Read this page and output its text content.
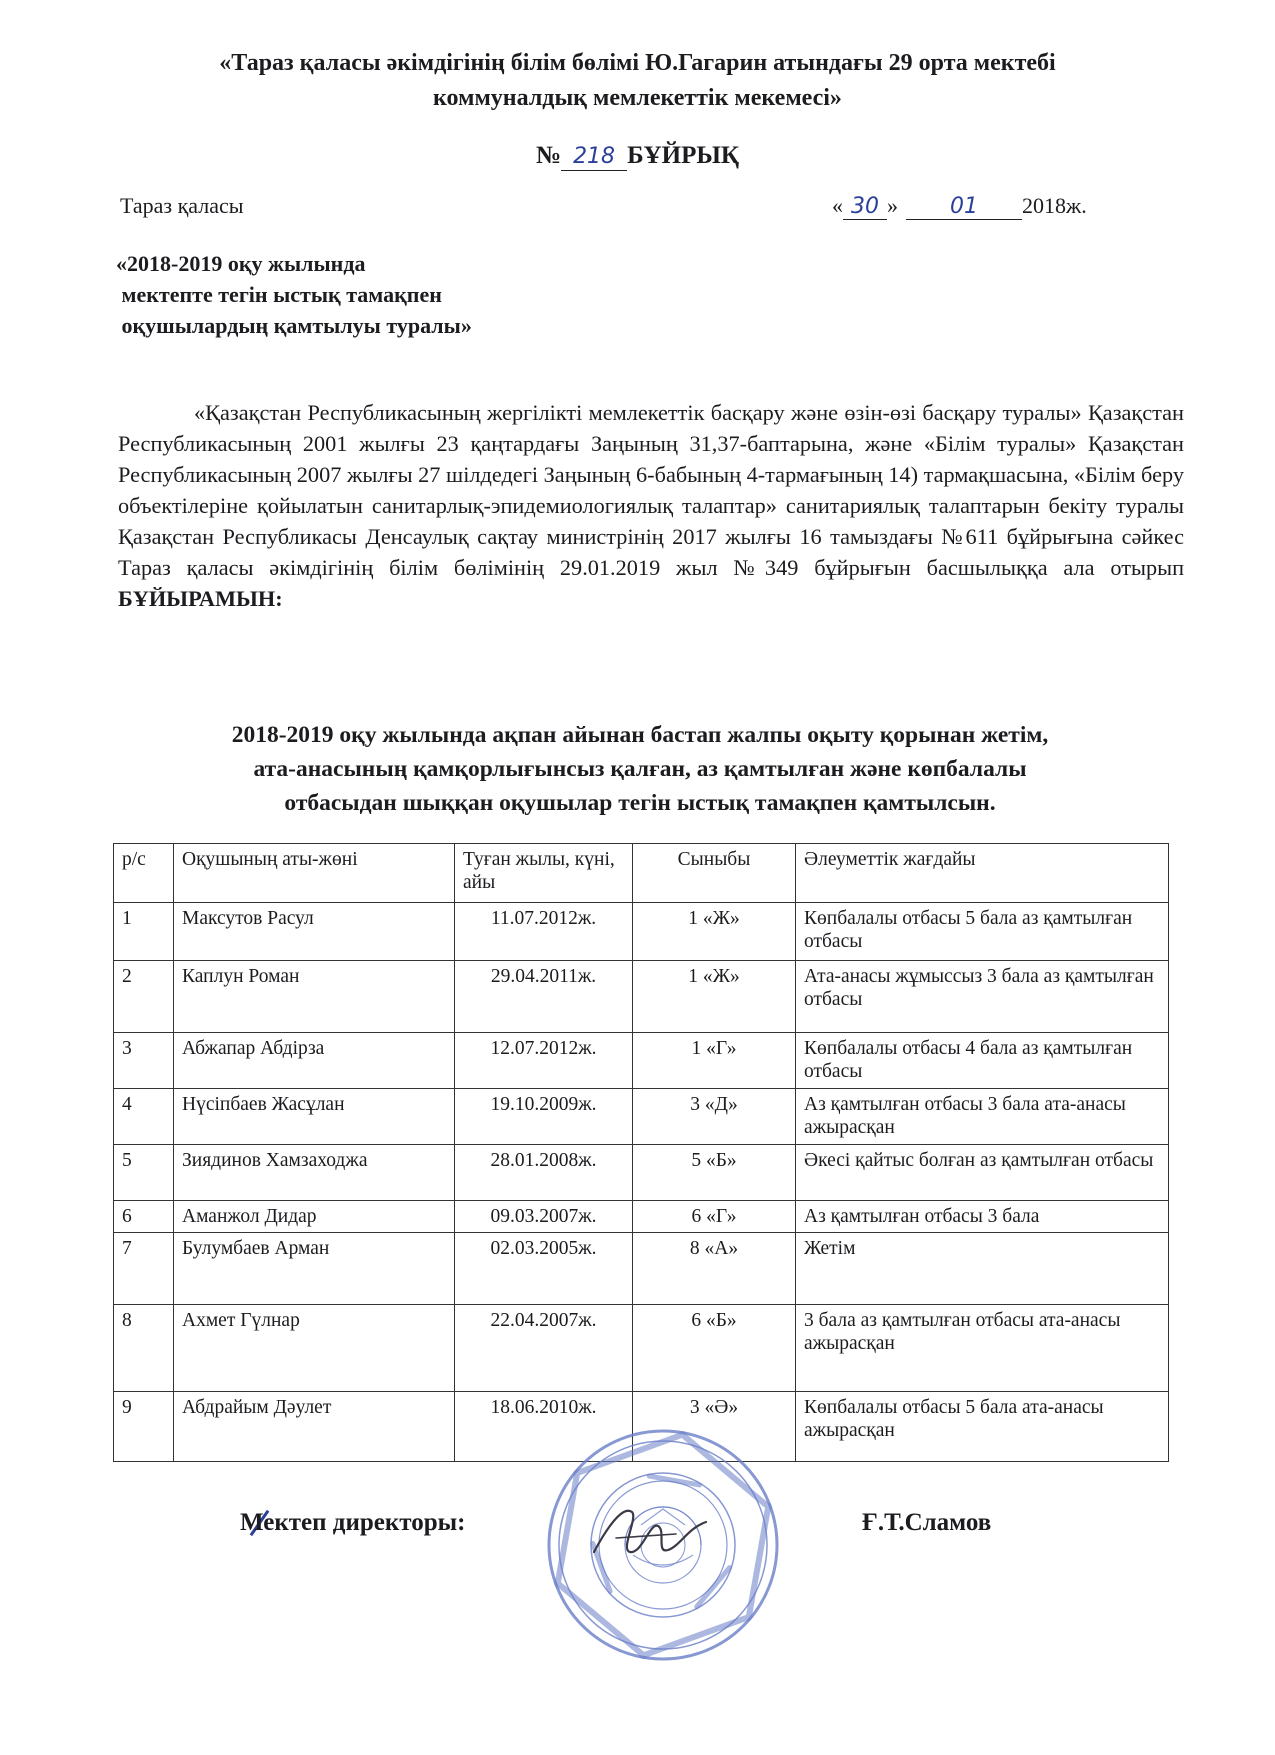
«Тараз қаласы әкімдігінің білім бөлімі Ю.Гагарин атындағы 29 орта мектебі
коммуналдық мемлекеттік мекемесі»
№ 218 БҰЙРЫҚ
Тараз қаласы	« 30 » 01 2018ж.
«2018-2019 оқу жылында
мектепте тегін ыстық тамақпен
оқушылардың қамтылуы туралы»
«Қазақстан Республикасының жергілікті мемлекеттік басқару және өзін-өзі басқару туралы» Қазақстан Республикасының 2001 жылғы 23 қаңтардағы Заңының 31,37-баптарына, және «Білім туралы» Қазақстан Республикасының 2007 жылғы 27 шілдедегі Заңының 6-бабының 4-тармағының 14) тармақшасына, «Білім беру объектілеріне қойылатын санитарлық-эпидемиологиялық талаптар» санитариялық талаптарын бекіту туралы Қазақстан Республикасы Денсаулық сақтау министрінің 2017 жылғы 16 тамыздағы №611 бұйрығына сәйкес Тараз қаласы әкімдігінің білім бөлімінің 29.01.2019 жыл №349 бұйрығын басшылыққа ала отырып БҰЙЫРАМЫН:
2018-2019 оқу жылында ақпан айынан бастап жалпы оқыту қорынан жетім,
ата-анасының қамқорлығынсыз қалған, аз қамтылған және көпбалалы
отбасыдан шыққан оқушылар тегін ыстық тамақпен қамтылсын.
р/с	Оқушының аты-жөні	Туған жылы, күні, айы	Сыныбы	Әлеуметтік жағдайы
1	Максутов Расул	11.07.2012ж.	1 «Ж»	Көпбалалы отбасы 5 бала аз қамтылған отбасы
2	Каплун Роман	29.04.2011ж.	1 «Ж»	Ата-анасы жұмыссыз 3 бала аз қамтылған отбасы
3	Абжапар Абдірза	12.07.2012ж.	1 «Г»	Көпбалалы отбасы 4 бала аз қамтылған отбасы
4	Нүсіпбаев Жасұлан	19.10.2009ж.	3 «Д»	Аз қамтылған отбасы 3 бала ата-анасы ажырасқан
5	Зиядинов Хамзаходжа	28.01.2008ж.	5 «Б»	Әкесі қайтыс болған аз қамтылған отбасы
6	Аманжол Дидар	09.03.2007ж.	6 «Г»	Аз қамтылған отбасы 3 бала
7	Булумбаев Арман	02.03.2005ж.	8 «А»	Жетім
8	Ахмет Гүлнар	22.04.2007ж.	6 «Б»	3 бала аз қамтылған отбасы ата-анасы ажырасқан
9	Абдрайым Дәулет	18.06.2010ж.	3 «Ә»	Көпбалалы отбасы 5 бала ата-анасы ажырасқан
Мектеп директоры:	Ғ.Т.Сламов
